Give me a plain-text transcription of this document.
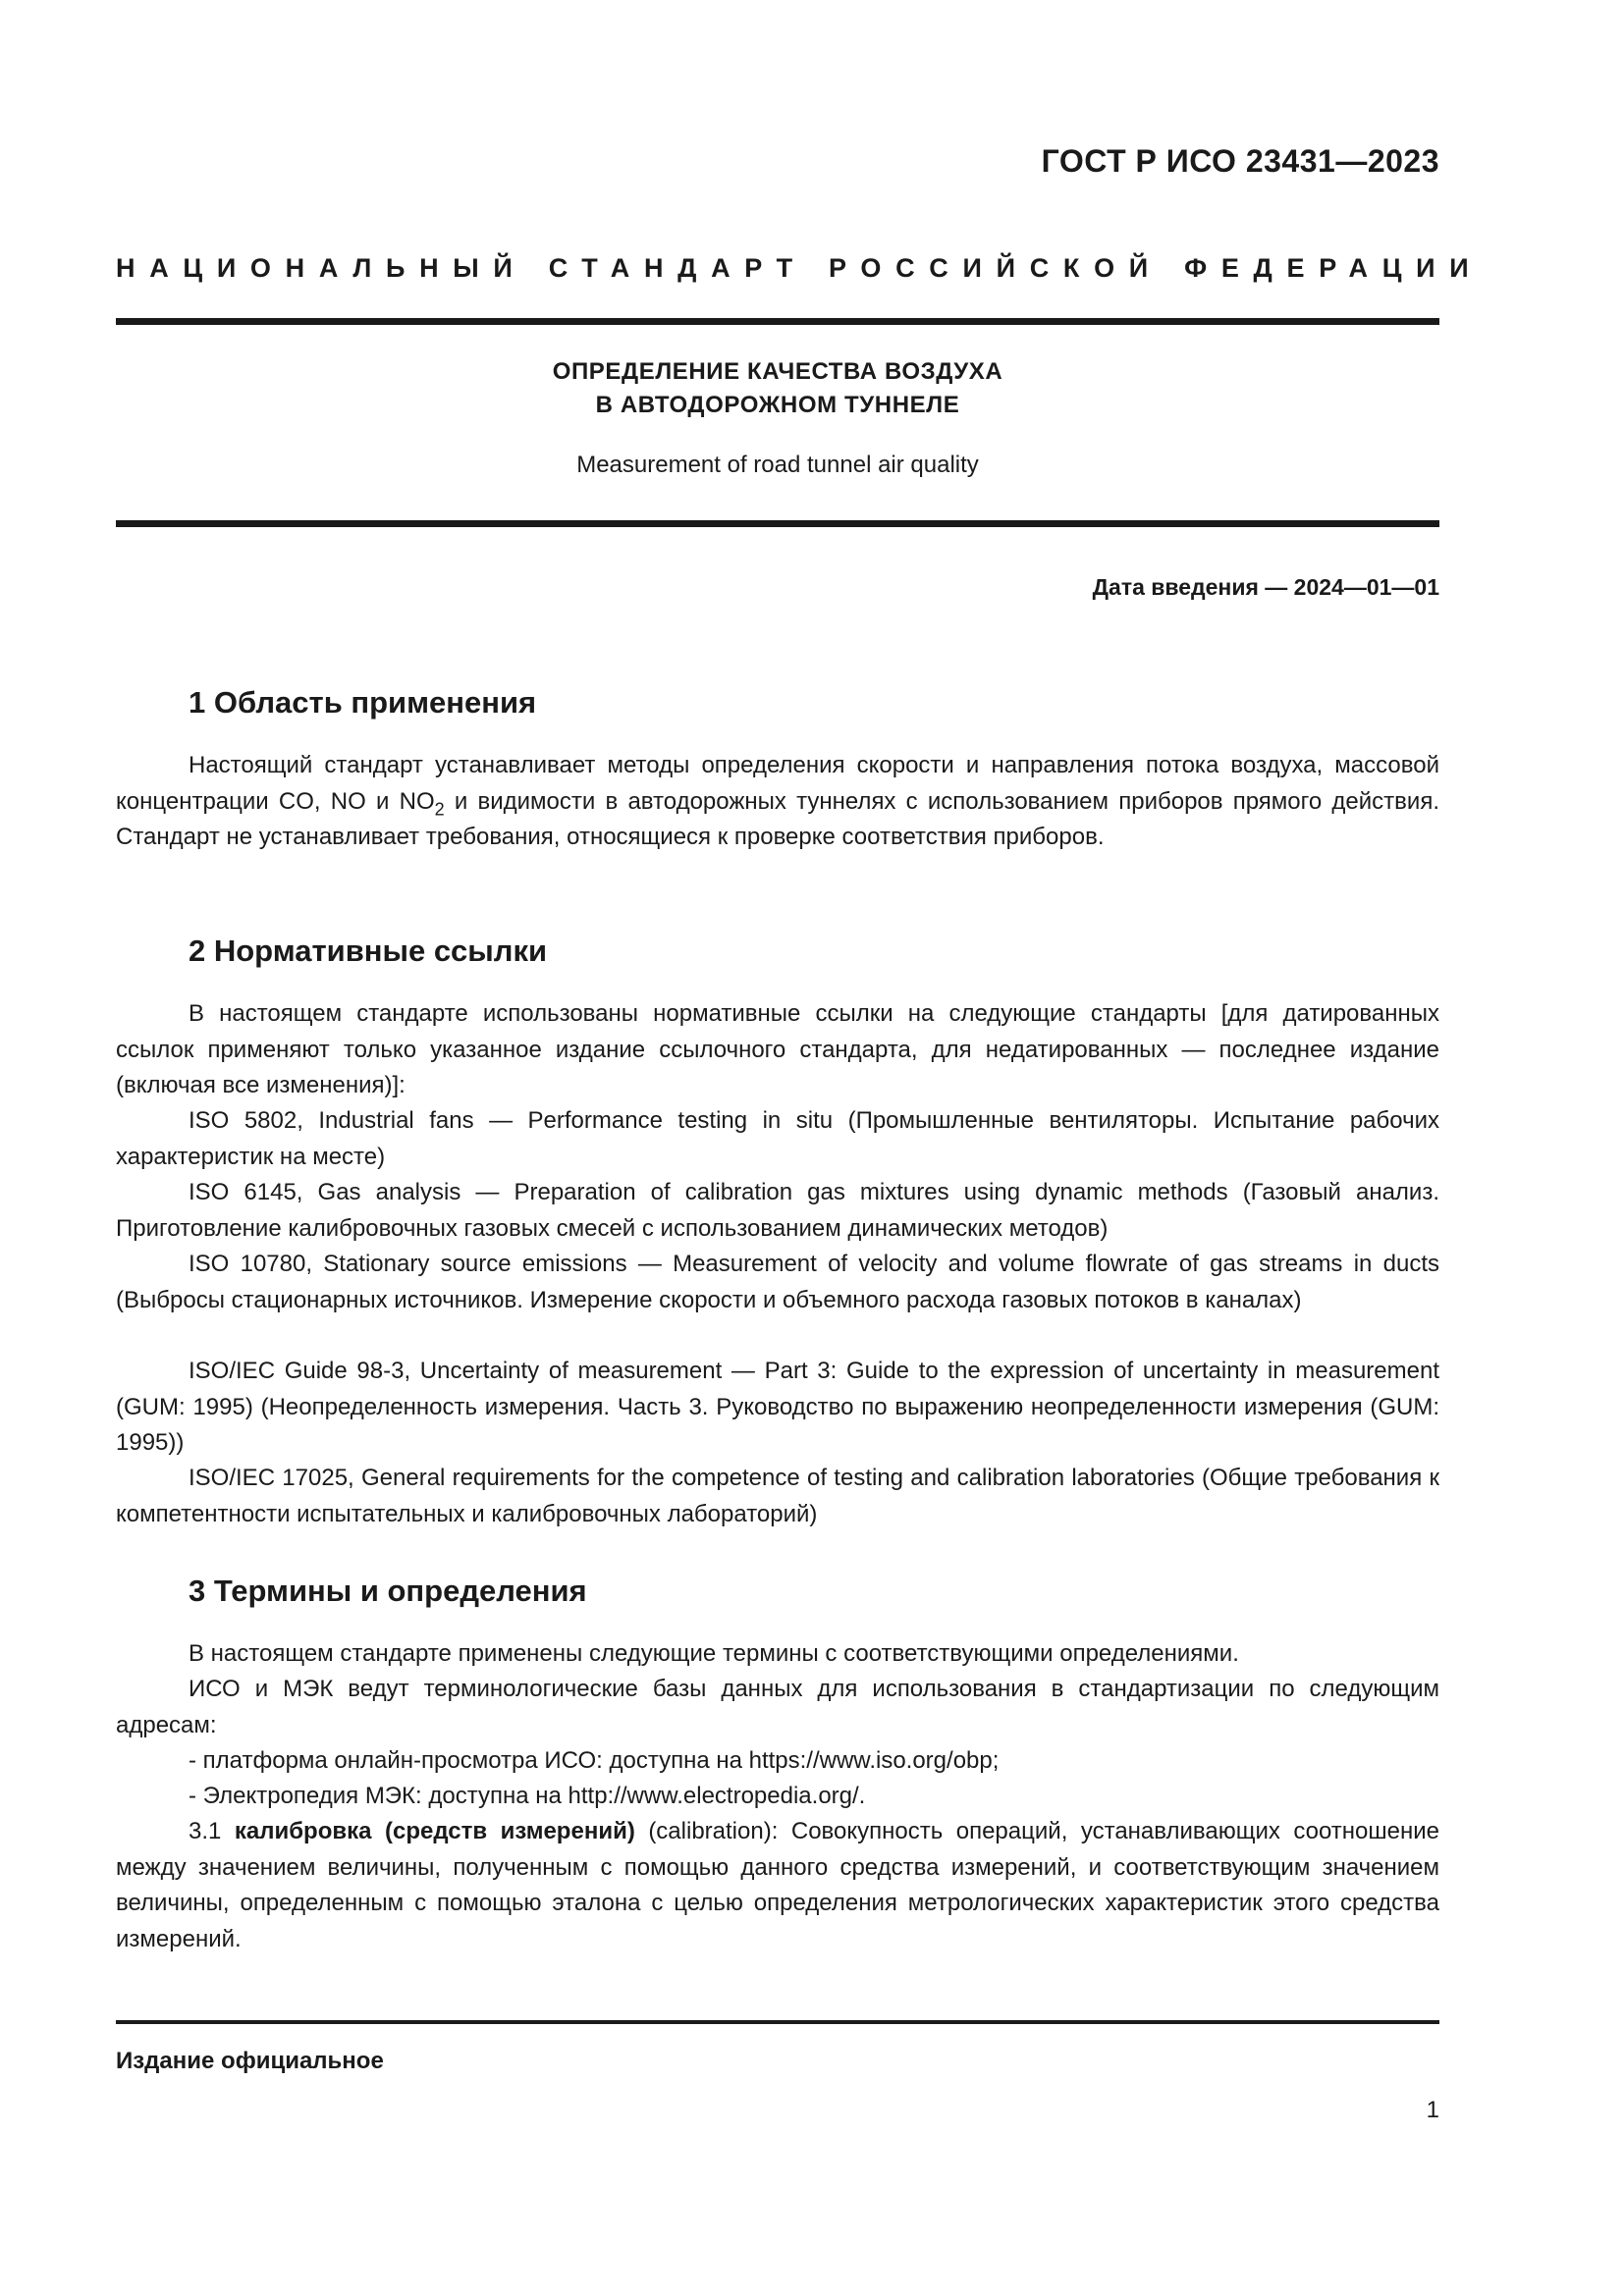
ГОСТ Р ИСО 23431—2023
НАЦИОНАЛЬНЫЙ СТАНДАРТ РОССИЙСКОЙ ФЕДЕРАЦИИ
ОПРЕДЕЛЕНИЕ КАЧЕСТВА ВОЗДУХА
В АВТОДОРОЖНОМ ТУННЕЛЕ
Measurement of road tunnel air quality
Дата введения — 2024—01—01
1 Область применения

Настоящий стандарт устанавливает методы определения скорости и направления потока воздуха, массовой концентрации CO, NO и $NO_2$ и видимости в автодорожных туннелях с использованием приборов прямого действия. Стандарт не устанавливает требования, относящиеся к проверке соответствия приборов.

2 Нормативные ссылки

В настоящем стандарте использованы нормативные ссылки на следующие стандарты [для датированных ссылок применяют только указанное издание ссылочного стандарта, для недатированных — последнее издание (включая все изменения)]:

ISO 5802, Industrial fans — Performance testing in situ (Промышленные вентиляторы. Испытание рабочих характеристик на месте)

ISO 6145, Gas analysis — Preparation of calibration gas mixtures using dynamic methods (Газовый анализ. Приготовление калибровочных газовых смесей с использованием динамических методов)

ISO 10780, Stationary source emissions — Measurement of velocity and volume flowrate of gas streams in ducts (Выбросы стационарных источников. Измерение скорости и объемного расхода газовых потоков в каналах)

ISO/IEC Guide 98-3, Uncertainty of measurement — Part 3: Guide to the expression of uncertainty in measurement (GUM: 1995) (Неопределенность измерения. Часть 3. Руководство по выражению неопределенности измерения (GUM: 1995))

ISO/IEC 17025, General requirements for the competence of testing and calibration laboratories (Общие требования к компетентности испытательных и калибровочных лабораторий)

3 Термины и определения

В настоящем стандарте применены следующие термины с соответствующими определениями.

ИСО и МЭК ведут терминологические базы данных для использования в стандартизации по следующим адресам:

- платформа онлайн-просмотра ИСО: доступна на https://www.iso.org/obp;

- Электропедия МЭК: доступна на http://www.electropedia.org/.

3.1 калибровка (средств измерений) (calibration): Совокупность операций, устанавливающих соотношение между значением величины, полученным с помощью данного средства измерений, и соответствующим значением величины, определенным с помощью эталона с целью определения метрологических характеристик этого средства измерений.

Издание официальное
1
